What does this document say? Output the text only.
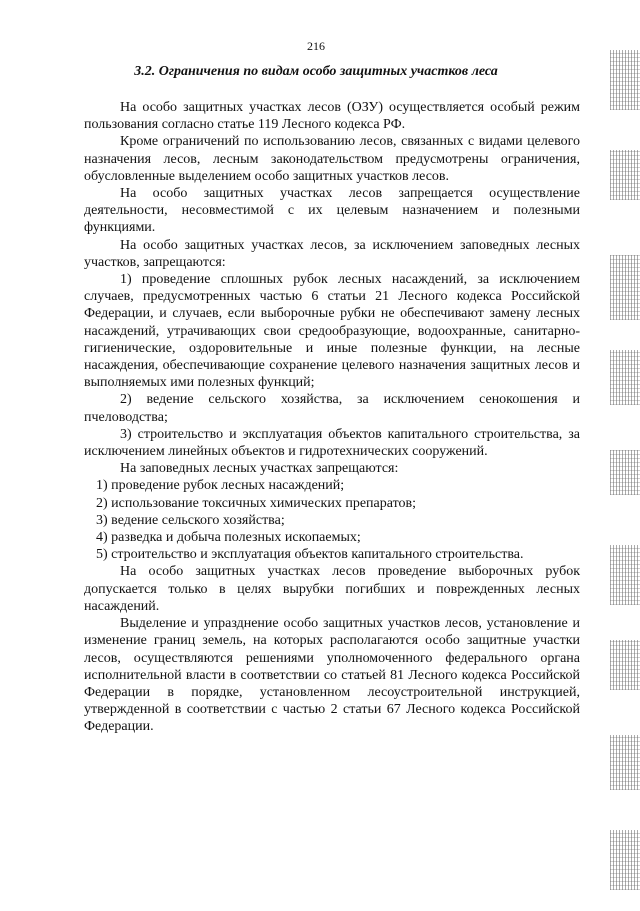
216
3.2. Ограничения по видам особо защитных участков леса

На особо защитных участках лесов (ОЗУ) осуществляется особый режим пользования согласно статье 119 Лесного кодекса РФ.

Кроме ограничений по использованию лесов, связанных с видами целевого назначения лесов, лесным законодательством предусмотрены ограничения, обусловленные выделением особо защитных участков лесов.

На особо защитных участках лесов запрещается осуществление деятельности, несовместимой с их целевым назначением и полезными функциями.

На особо защитных участках лесов, за исключением заповедных лесных участков, запрещаются:

1) проведение сплошных рубок лесных насаждений, за исключением случаев, предусмотренных частью 6 статьи 21 Лесного кодекса Российской Федерации, и случаев, если выборочные рубки не обеспечивают замену лесных насаждений, утрачивающих свои средообразующие, водоохранные, санитарно-гигиенические, оздоровительные и иные полезные функции, на лесные насаждения, обеспечивающие сохранение целевого назначения защитных лесов и выполняемых ими полезных функций;

2) ведение сельского хозяйства, за исключением сенокошения и пчеловодства;

3) строительство и эксплуатация объектов капитального строительства, за исключением линейных объектов и гидротехнических сооружений.

На заповедных лесных участках запрещаются:

1) проведение рубок лесных насаждений;

2) использование токсичных химических препаратов;

3) ведение сельского хозяйства;

4) разведка и добыча полезных ископаемых;

5) строительство и эксплуатация объектов капитального строительства.

На особо защитных участках лесов проведение выборочных рубок допускается только в целях вырубки погибших и поврежденных лесных насаждений.

Выделение и упразднение особо защитных участков лесов, установление и изменение границ земель, на которых располагаются особо защитные участки лесов, осуществляются решениями уполномоченного федерального органа исполнительной власти в соответствии со статьей 81 Лесного кодекса Российской Федерации в порядке, установленном лесоустроительной инструкцией, утвержденной в соответствии с частью 2 статьи 67 Лесного кодекса Российской Федерации.
